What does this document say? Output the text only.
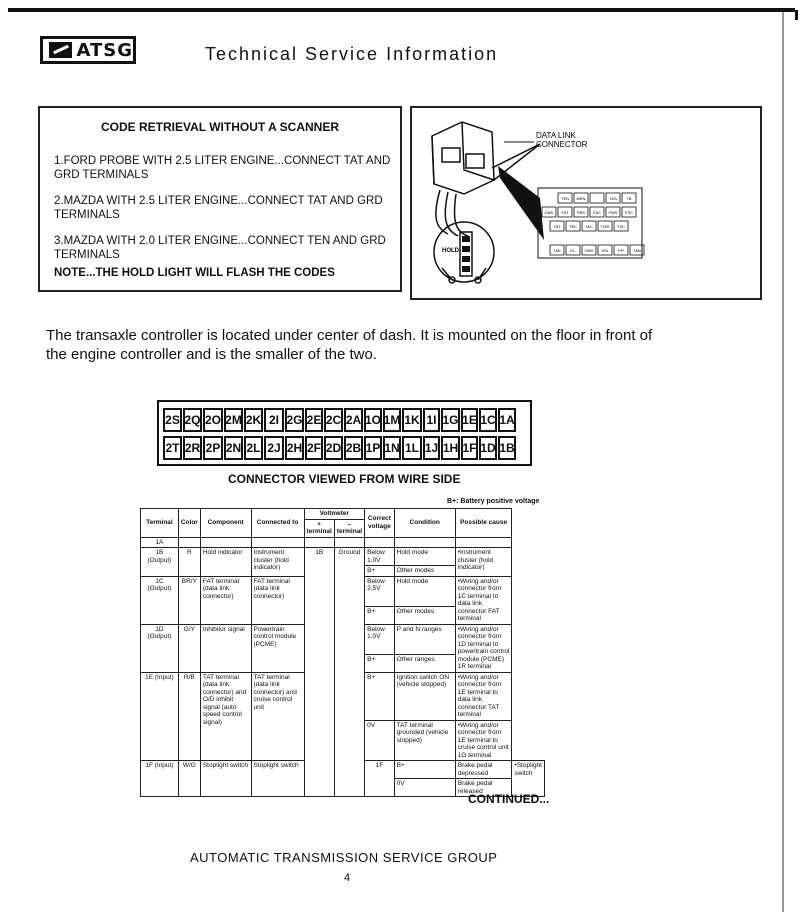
ATSG	Technical Service Information
CODE RETRIEVAL WITHOUT A SCANNER
1.FORD PROBE WITH 2.5 LITER ENGINE...CONNECT TAT AND GRD TERMINALS
2.MAZDA WITH 2.5 LITER ENGINE...CONNECT TAT AND GRD TERMINALS
3.MAZDA WITH 2.0 LITER ENGINE...CONNECT TEN AND GRD TERMINALS
NOTE...THE HOLD LIGHT WILL FLASH THE CODES
HOLD
DATA LINK
CONNECTOR
TEN MEN	TEA +B
GND FAT FBS FAC FWS FSC
TAT TBC TAC TWS TSC
TAE IG- GND IFA F/P TAB
The transaxle controller is located under center of dash. It is mounted on the floor in front of the engine controller and is the smaller of the two.
2S 2Q 2O 2M 2K 2I 2G 2E 2C 2A 1O 1M 1K 1I 1G 1E 1C 1A
2T 2R 2P 2N 2L 2J 2H 2F 2D 2B 1P 1N 1L 1J 1H 1F 1D 1B
CONNECTOR VIEWED FROM WIRE SIDE
B+: Battery positive voltage
Terminal	Color	Component	Connected to	Voltmeter		Correct voltage	Condition	Possible cause	
				+ terminal	– terminal				
1A									
1B (Output)	R	Hold indicator	Instrument cluster (hold indicator)	1B	Ground	Below 1.0V	Hold mode	•Instrument cluster (hold indicator)	
						B+	Other modes		
1C (Output)	BR/Y	FAT terminal (data link connector)	FAT terminal (data link connector)			Below 2.5V	Hold mode	•Wiring and/or connector from 1C terminal to data link connector FAT terminal	
						B+	Other modes		
1D (Output)	G/Y	Inhibitor signal	Powertrain control module (PCME)			Below 1.0V	P and N ranges	•Wiring and/or connector from 1D terminal to powertrain control module (PCME) 1R terminal	
						B+	Other ranges		
1E (Input)	R/B	TAT terminal (data link connector) and O/D inhibit signal (auto speed control signal)	TAT terminal (data link connector) and cruise control unit			B+	Ignition switch ON (vehicle stopped)	•Wiring and/or connector from 1E terminal to data link connector TAT terminal	
						0V	TAT terminal grounded (vehicle stopped)	•Wiring and/or connector from 1E terminal to cruise control unit 1G terminal	
1F (Input)	W/G	Stoplight switch	Stoplight switch			1F	B+	Brake pedal depressed	•Stoplight switch
							0V	Brake pedal released	
CONTINUED...
AUTOMATIC TRANSMISSION SERVICE GROUP
4
